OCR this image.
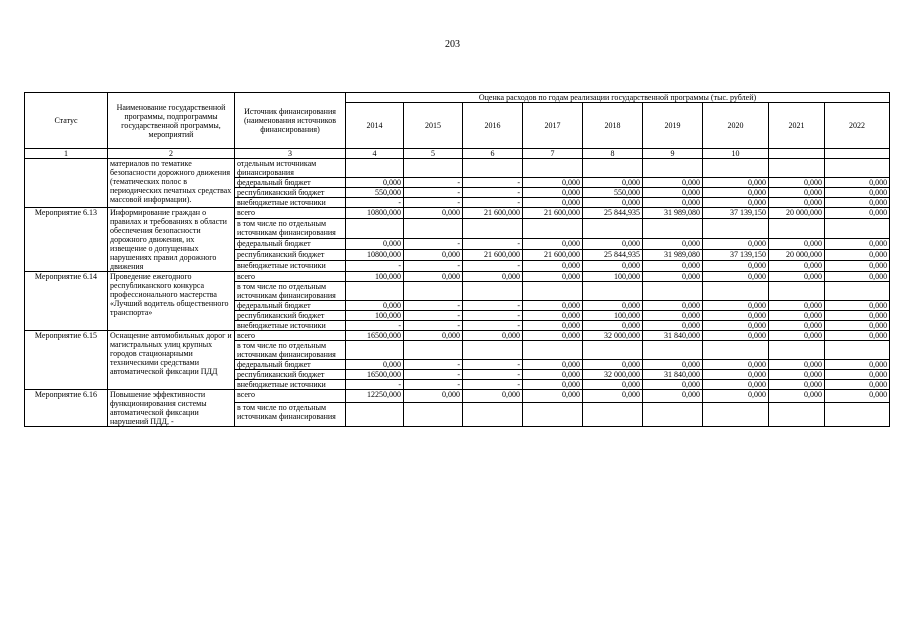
203
Статус	Наименование государственной программы, подпрограммы государственной программы, мероприятий	Источник финансирования (наименования источников финансирования)	Оценка расходов по годам реализации государственной программы (тыс. рублей)								
			2014	2015	2016	2017	2018	2019	2020	2021	2022
1	2	3	4	5	6	7	8	9	10		
	материалов по тематике безопасности дорожного движения (тематических полос в периодических печатных средствах массовой информации).	отдельным источникам финансирования									
		федеральный бюджет	0,000	-	-	0,000	0,000	0,000	0,000	0,000	0,000
		республиканский бюджет	550,000	-	-	0,000	550,000	0,000	0,000	0,000	0,000
		внебюджетные источники	-	-	-	0,000	0,000	0,000	0,000	0,000	0,000
Мероприятие 6.13	Информирование граждан о правилах и требованиях в области обеспечения безопасности дорожного движения, их извещение о допущенных нарушениях правил дорожного движения	всего	10800,000	0,000	21 600,000	21 600,000	25 844,935	31 989,080	37 139,150	20 000,000	0,000
		в том числе по отдельным источникам финансирования									
		федеральный бюджет	0,000	-	-	0,000	0,000	0,000	0,000	0,000	0,000
		республиканский бюджет	10800,000	0,000	21 600,000	21 600,000	25 844,935	31 989,080	37 139,150	20 000,000	0,000
		внебюджетные источники	-	-	-	0,000	0,000	0,000	0,000	0,000	0,000
Мероприятие 6.14	Проведение ежегодного республиканского конкурса профессионального мастерства «Лучший водитель общественного транспорта»	всего	100,000	0,000	0,000	0,000	100,000	0,000	0,000	0,000	0,000
		в том числе по отдельным источникам финансирования									
		федеральный бюджет	0,000	-	-	0,000	0,000	0,000	0,000	0,000	0,000
		республиканский бюджет	100,000	-	-	0,000	100,000	0,000	0,000	0,000	0,000
		внебюджетные источники	-	-	-	0,000	0,000	0,000	0,000	0,000	0,000
Мероприятие 6.15	Оснащение автомобильных дорог и магистральных улиц крупных городов стационарными техническими средствами автоматической фиксации ПДД	всего	16500,000	0,000	0,000	0,000	32 000,000	31 840,000	0,000	0,000	0,000
		в том числе по отдельным источникам финансирования									
		федеральный бюджет	0,000	-	-	0,000	0,000	0,000	0,000	0,000	0,000
		республиканский бюджет	16500,000	-	-	0,000	32 000,000	31 840,000	0,000	0,000	0,000
		внебюджетные источники	-	-	-	0,000	0,000	0,000	0,000	0,000	0,000
Мероприятие 6.16	Повышение эффективности функционирования системы автоматической фиксации нарушений ПДД, -	всего	12250,000	0,000	0,000	0,000	0,000	0,000	0,000	0,000	0,000
		в том числе по отдельным источникам финансирования									
